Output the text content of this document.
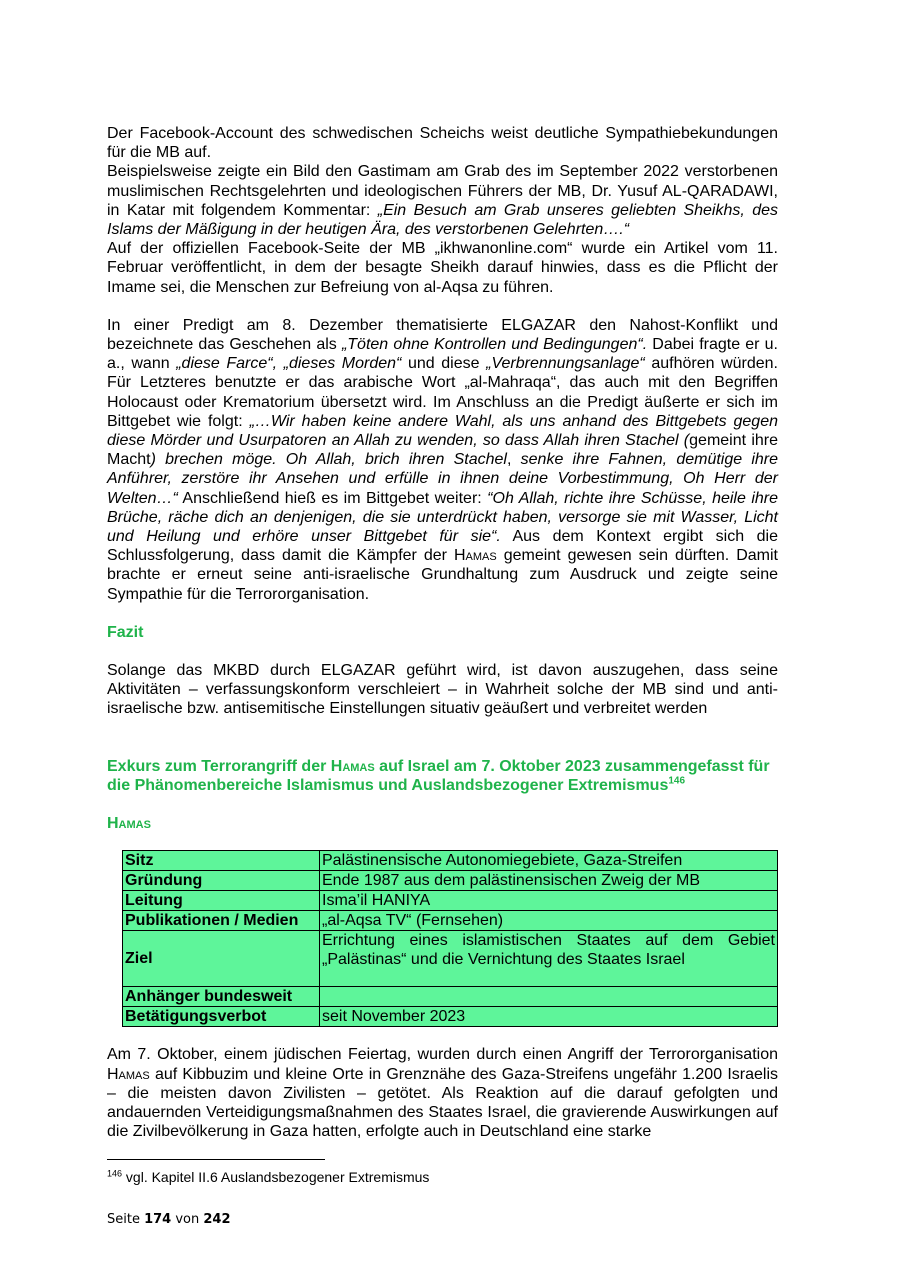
Der Facebook-Account des schwedischen Scheichs weist deutliche Sympathiebekundungen für die MB auf.
Beispielsweise zeigte ein Bild den Gastimam am Grab des im September 2022 verstorbenen muslimischen Rechtsgelehrten und ideologischen Führers der MB, Dr. Yusuf AL-QARADAWI, in Katar mit folgendem Kommentar: „Ein Besuch am Grab unseres geliebten Sheikhs, des Islams der Mäßigung in der heutigen Ära, des verstorbenen Gelehrten….“
Auf der offiziellen Facebook-Seite der MB „ikhwanonline.com“ wurde ein Artikel vom 11. Februar veröffentlicht, in dem der besagte Sheikh darauf hinwies, dass es die Pflicht der Imame sei, die Menschen zur Befreiung von al-Aqsa zu führen.

In einer Predigt am 8. Dezember thematisierte ELGAZAR den Nahost-Konflikt und bezeichnete das Geschehen als „Töten ohne Kontrollen und Bedingungen“. Dabei fragte er u. a., wann „diese Farce“, „dieses Morden“ und diese „Verbrennungsanlage“ aufhören würden. Für Letzteres benutzte er das arabische Wort „al-Mahraqa“, das auch mit den Begriffen Holocaust oder Krematorium übersetzt wird. Im Anschluss an die Predigt äußerte er sich im Bittgebet wie folgt: „…Wir haben keine andere Wahl, als uns anhand des Bittgebets gegen diese Mörder und Usurpatoren an Allah zu wenden, so dass Allah ihren Stachel (gemeint ihre Macht) brechen möge. Oh Allah, brich ihren Stachel, senke ihre Fahnen, demütige ihre Anführer, zerstöre ihr Ansehen und erfülle in ihnen deine Vorbestimmung, Oh Herr der Welten…“ Anschließend hieß es im Bittgebet weiter: “Oh Allah, richte ihre Schüsse, heile ihre Brüche, räche dich an denjenigen, die sie unterdrückt haben, versorge sie mit Wasser, Licht und Heilung und erhöre unser Bittgebet für sie“. Aus dem Kontext ergibt sich die Schlussfolgerung, dass damit die Kämpfer der Hamas gemeint gewesen sein dürften. Damit brachte er erneut seine anti-israelische Grundhaltung zum Ausdruck und zeigte seine Sympathie für die Terrororganisation.

Fazit

Solange das MKBD durch ELGAZAR geführt wird, ist davon auszugehen, dass seine Aktivitäten – verfassungskonform verschleiert – in Wahrheit solche der MB sind und anti-israelische bzw. antisemitische Einstellungen situativ geäußert und verbreitet werden

Exkurs zum Terrorangriff der Hamas auf Israel am 7. Oktober 2023 zusammengefasst für die Phänomenbereiche Islamismus und Auslandsbezogener Extremismus$^{146}$
Hamas
Sitz	Palästinensische Autonomiegebiete, Gaza-Streifen
Gründung	Ende 1987 aus dem palästinensischen Zweig der MB
Leitung	Isma’il HANIYA
Publikationen / Medien	„al-Aqsa TV“ (Fernsehen)
Ziel	Errichtung eines islamistischen Staates auf dem Gebiet „Palästinas“ und die Vernichtung des Staates Israel
Anhänger bundesweit	
Betätigungsverbot	seit November 2023

Am 7. Oktober, einem jüdischen Feiertag, wurden durch einen Angriff der Terrororganisation Hamas auf Kibbuzim und kleine Orte in Grenznähe des Gaza-Streifens ungefähr 1.200 Israelis – die meisten davon Zivilisten – getötet. Als Reaktion auf die darauf gefolgten und andauernden Verteidigungsmaßnahmen des Staates Israel, die gravierende Auswirkungen auf die Zivilbevölkerung in Gaza hatten, erfolgte auch in Deutschland eine starke

$^{146}$ vgl. Kapitel II.6 Auslandsbezogener Extremismus
Seite 174 von 242
